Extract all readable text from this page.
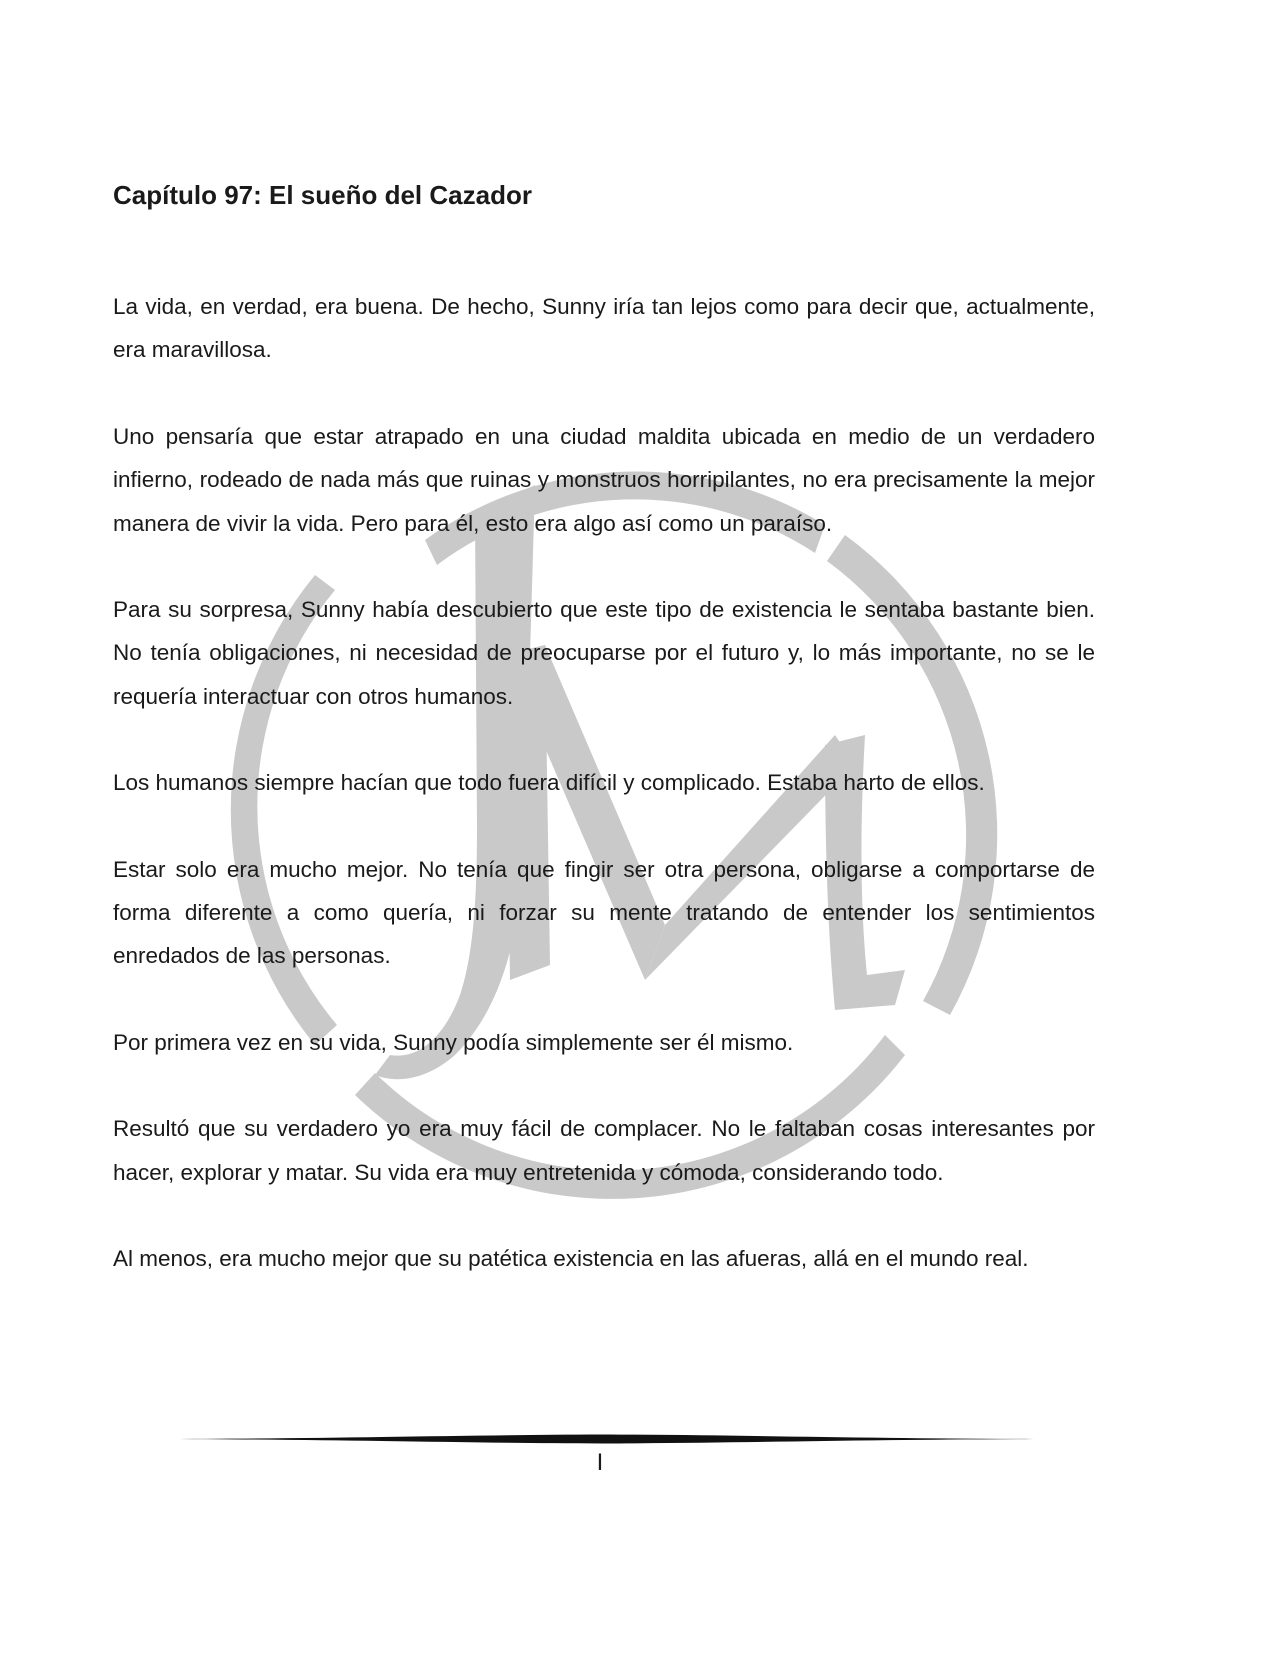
Capítulo 97: El sueño del Cazador

La vida, en verdad, era buena. De hecho, Sunny iría tan lejos como para decir que, actualmente, era maravillosa.

Uno pensaría que estar atrapado en una ciudad maldita ubicada en medio de un verdadero infierno, rodeado de nada más que ruinas y monstruos horripilantes, no era precisamente la mejor manera de vivir la vida. Pero para él, esto era algo así como un paraíso.

Para su sorpresa, Sunny había descubierto que este tipo de existencia le sentaba bastante bien. No tenía obligaciones, ni necesidad de preocuparse por el futuro y, lo más importante, no se le requería interactuar con otros humanos.

Los humanos siempre hacían que todo fuera difícil y complicado. Estaba harto de ellos.

Estar solo era mucho mejor. No tenía que fingir ser otra persona, obligarse a comportarse de forma diferente a como quería, ni forzar su mente tratando de entender los sentimientos enredados de las personas.

Por primera vez en su vida, Sunny podía simplemente ser él mismo.

Resultó que su verdadero yo era muy fácil de complacer. No le faltaban cosas interesantes por hacer, explorar y matar. Su vida era muy entretenida y cómoda, considerando todo.

Al menos, era mucho mejor que su patética existencia en las afueras, allá en el mundo real.

I
